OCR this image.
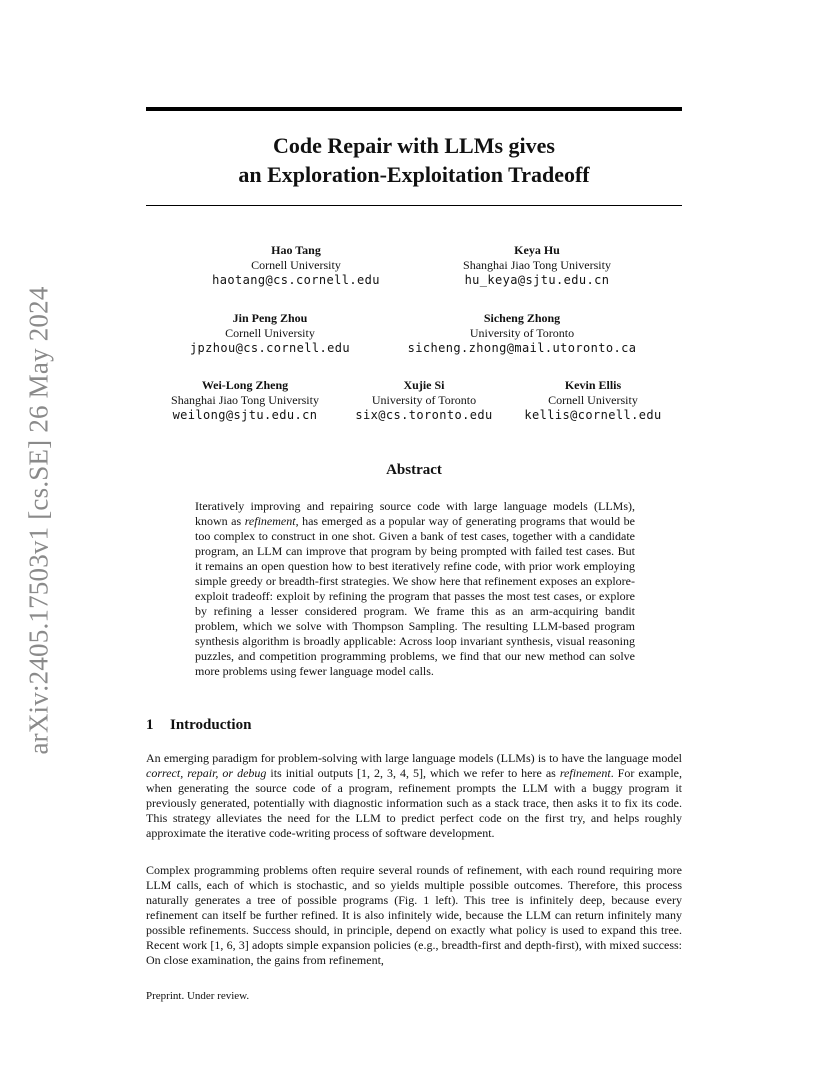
arXiv:2405.17503v1 [cs.SE] 26 May 2024
Code Repair with LLMs gives
an Exploration-Exploitation Tradeoff
Hao Tang
Cornell University
haotang@cs.cornell.edu
Keya Hu
Shanghai Jiao Tong University
hu_keya@sjtu.edu.cn
Jin Peng Zhou
Cornell University
jpzhou@cs.cornell.edu
Sicheng Zhong
University of Toronto
sicheng.zhong@mail.utoronto.ca
Wei-Long Zheng
Shanghai Jiao Tong University
weilong@sjtu.edu.cn
Xujie Si
University of Toronto
six@cs.toronto.edu
Kevin Ellis
Cornell University
kellis@cornell.edu
Abstract
Iteratively improving and repairing source code with large language models (LLMs), known as refinement, has emerged as a popular way of generating programs that would be too complex to construct in one shot. Given a bank of test cases, together with a candidate program, an LLM can improve that program by being prompted with failed test cases. But it remains an open question how to best iteratively refine code, with prior work employing simple greedy or breadth-first strategies. We show here that refinement exposes an explore-exploit tradeoff: exploit by refining the program that passes the most test cases, or explore by refining a lesser considered program. We frame this as an arm-acquiring bandit problem, which we solve with Thompson Sampling. The resulting LLM-based program synthesis algorithm is broadly applicable: Across loop invariant synthesis, visual reasoning puzzles, and competition programming problems, we find that our new method can solve more problems using fewer language model calls.
1 Introduction
An emerging paradigm for problem-solving with large language models (LLMs) is to have the language model correct, repair, or debug its initial outputs [1, 2, 3, 4, 5], which we refer to here as refinement. For example, when generating the source code of a program, refinement prompts the LLM with a buggy program it previously generated, potentially with diagnostic information such as a stack trace, then asks it to fix its code. This strategy alleviates the need for the LLM to predict perfect code on the first try, and helps roughly approximate the iterative code-writing process of software development.
Complex programming problems often require several rounds of refinement, with each round requiring more LLM calls, each of which is stochastic, and so yields multiple possible outcomes. Therefore, this process naturally generates a tree of possible programs (Fig. 1 left). This tree is infinitely deep, because every refinement can itself be further refined. It is also infinitely wide, because the LLM can return infinitely many possible refinements. Success should, in principle, depend on exactly what policy is used to expand this tree. Recent work [1, 6, 3] adopts simple expansion policies (e.g., breadth-first and depth-first), with mixed success: On close examination, the gains from refinement,
Preprint. Under review.
